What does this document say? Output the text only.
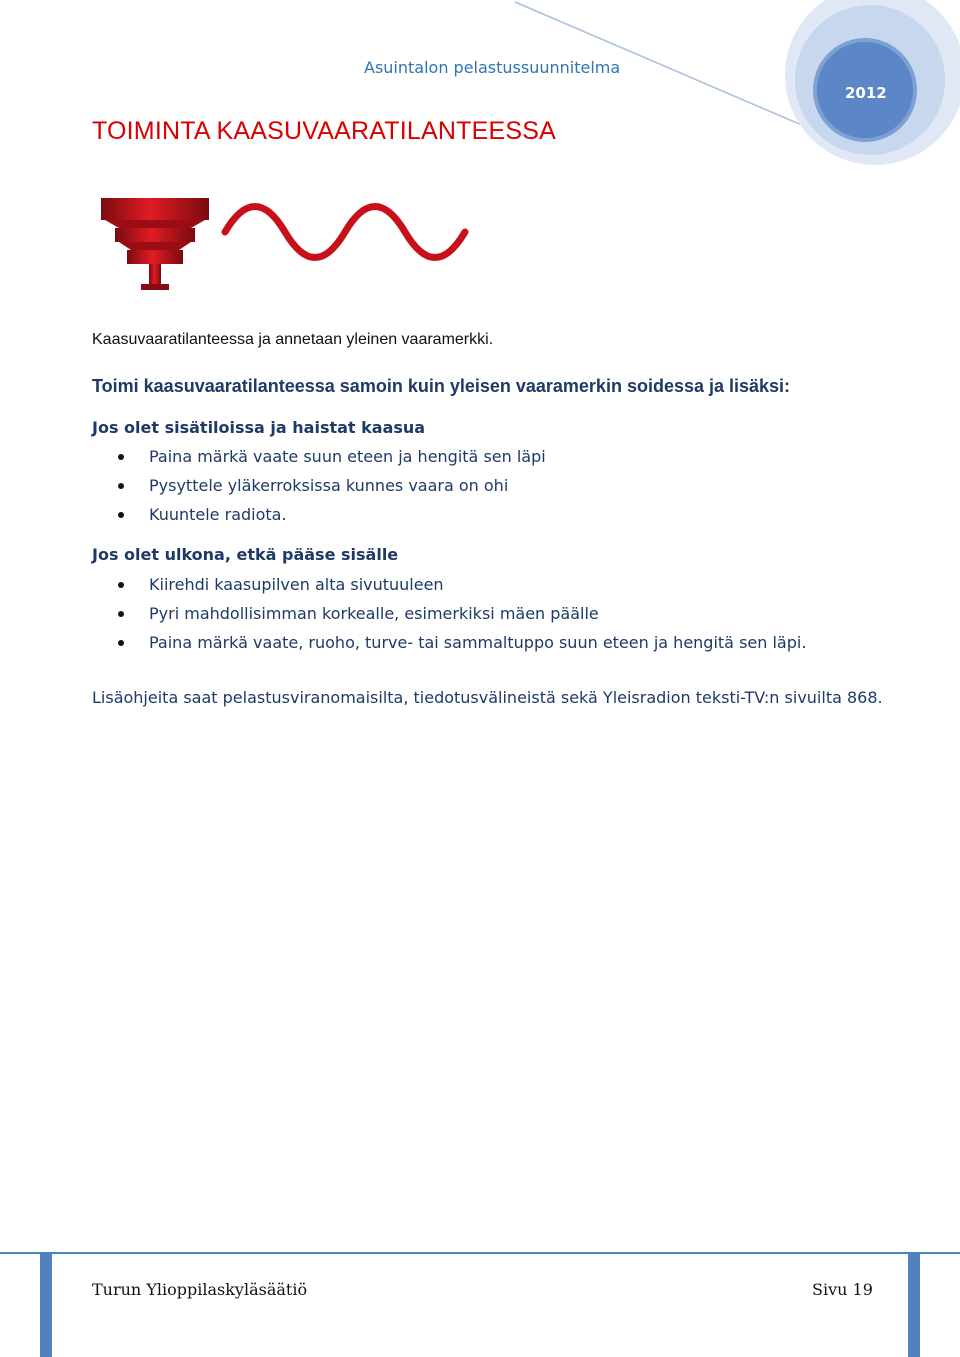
Asuintalon pelastussuunnitelma
2012
TOIMINTA KAASUVAARATILANTEESSA
Kaasuvaaratilanteessa ja annetaan yleinen vaaramerkki.
Toimi kaasuvaaratilanteessa samoin kuin yleisen vaaramerkin soidessa ja lisäksi:
Jos olet sisätiloissa ja haistat kaasua
Paina märkä vaate suun eteen ja hengitä sen läpi
Pysyttele yläkerroksissa kunnes vaara on ohi
Kuuntele radiota.
Jos olet ulkona, etkä pääse sisälle
Kiirehdi kaasupilven alta sivutuuleen
Pyri mahdollisimman korkealle, esimerkiksi mäen päälle
Paina märkä vaate, ruoho, turve- tai sammaltuppo suun eteen ja hengitä sen läpi.
Lisäohjeita saat pelastusviranomaisilta, tiedotusvälineistä sekä Yleisradion teksti-TV:n sivuilta 868.
Turun Ylioppilaskyläsäätiö	Sivu 19
